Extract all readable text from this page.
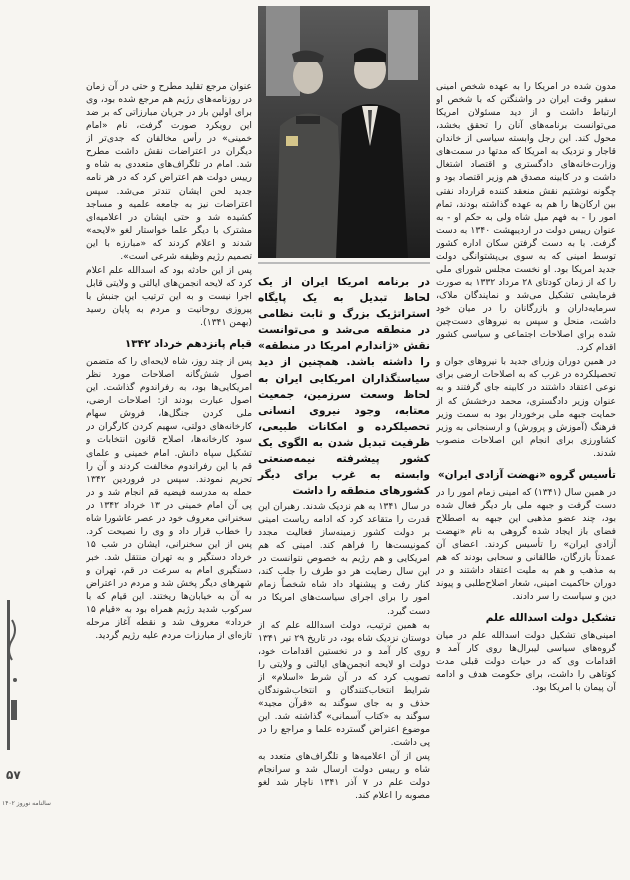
مدون شده در امریکا را به عهده شخص امینی سفیر وقت ایران در واشنگتن که با شخص او ارتباط داشت و از دید مسئولان امریکا می‌توانست برنامه‌های آنان را تحقق بخشد، محول کند. این رجل وابسته سیاسی از خاندان قاجار و نزدیک به امریکا که مدتها در سمت‌های وزارت‌خانه‌های دادگستری و اقتصاد اشتغال داشت و در کابینه مصدق هم وزیر اقتصاد بود و چگونه نوشتیم نقش منعقد کننده قرارداد نفتی بین ارکان‌ها را هم به عهده گذاشته بودند، تمام امور را - به فهم میل شاه ولی به حکم او - به عنوان رییس دولت در اردیبهشت ۱۳۴۰ به دست گرفت. با به دست گرفتن سکان اداره کشور توسط امینی که به سوی بی‌پشتوانگی دولت جدید امریکا بود. او نخست مجلس شورای ملی را که از زمان کودتای ۲۸ مرداد ۱۳۳۲ به صورت فرمایشی تشکیل می‌شد و نمایندگان ملاک، سرمایه‌داران و بازرگانان را در میان خود داشت، منحل و سپس به نیروهای دست‌چین شده برای اصلاحات اجتماعی و سیاسی کشور اقدام کرد.

در همین دوران وزرای جدید با نیروهای جوان و تحصیلکرده در غرب که به اصلاحات ارضی برای نوعی اعتقاد داشتند در کابینه جای گرفتند و به عنوان وزیر دادگستری، محمد درخشش که از حمایت جبهه ملی برخوردار بود به سمت وزیر فرهنگ (آموزش و پرورش) و ارسنجانی به وزیر کشاورزی برای انجام این اصلاحات منصوب شدند.

تأسیس گروه «نهضت آزادی ایران»

در همین سال (۱۳۴۱) که امینی زمام امور را در دست گرفت و جبهه ملی بار دیگر فعال شده بود، چند عضو مذهبی این جبهه به اصطلاح فضای باز ایجاد شده گروهی به نام «نهضت آزادی ایران» را تأسیس کردند. اعضای آن عمدتاً بازرگان، طالقانی و سحابی بودند که هم به مذهب و هم به ملیت اعتقاد داشتند و در دوران حاکمیت امینی، شعار اصلاح‌طلبی و پیوند دین و سیاست را سر دادند.

تشکیل دولت اسدالله علم

امینی‌های تشکیل دولت اسدالله علم در میان گروه‌های سیاسی لیبرال‌ها روی کار آمد و اقدامات وی که در حیات دولت قبلی مدت کوتاهی را داشت، برای حکومت هدف و ادامه آن پیمان با امریکا بود.

در برنامه امریکا ایران از یک لحاظ تبدیل به یک پایگاه استراتژیک بزرگ و ثابت نظامی در منطقه می‌شد و می‌توانست نقش «ژاندارم امریکا در منطقه» را داشته باشد. همچنین از دید سیاستگذاران امریکایی ایران به لحاظ وسعت سرزمین، جمعیت معتابه، وجود نیروی انسانی تحصیلکرده و امکانات طبیعی، ظرفیت تبدیل شدن به الگوی یک کشور پیشرفته نیمه‌صنعتی وابسته به غرب برای دیگر کشورهای منطقه را داشت

در سال ۱۳۴۱ به هم نزدیک شدند. رهبران این قدرت را متقاعد کرد که ادامه ریاست امینی بر دولت کشور زمینه‌ساز فعالیت مجدد کمونیست‌ها را فراهم کند. امینی که هم امریکایی و هم رژیم به خصوص نتوانست در این سال رضایت هر دو طرف را جلب کند، کنار رفت و پیشنهاد داد شاه شخصاً زمام امور را برای اجرای سیاست‌های امریکا در دست گیرد.

به همین ترتیب، دولت اسدالله علم که از دوستان نزدیک شاه بود، در تاریخ ۲۹ تیر ۱۳۴۱ روی کار آمد و در نخستین اقدامات خود، دولت او لایحه انجمن‌های ایالتی و ولایتی را تصویب کرد که در آن شرط «اسلام» از شرایط انتخاب‌کنندگان و انتخاب‌شوندگان حذف و به جای سوگند به «قرآن مجید» سوگند به «کتاب آسمانی» گذاشته شد. این موضوع اعتراض گسترده علما و مراجع را در پی داشت.

پس از آن اعلامیه‌ها و تلگراف‌های متعدد به شاه و رییس دولت ارسال شد و سرانجام دولت علم در ۷ آذر ۱۳۴۱ ناچار شد لغو مصوبه را اعلام کند.

عنوان مرجع تقلید مطرح و حتی در آن زمان در روزنامه‌های رژیم هم مرجع شده بود، وی برای اولین بار در جریان مبارزاتی که بر ضد این رویکرد صورت گرفت، نام «امام خمینی» در رأس مخالفان که جدی‌تر از دیگران در اعتراضات نقش داشت مطرح شد. امام در تلگراف‌های متعددی به شاه و رییس دولت هم اعتراض کرد که در هر نامه جدید لحن ایشان تندتر می‌شد. سپس اعتراضات نیز به جامعه علمیه و مساجد کشیده شد و حتی ایشان در اعلامیه‌ای مشترک با دیگر علما خواستار لغو «لایحه» شدند و اعلام کردند که «مبارزه با این تصمیم رژیم وظیفه شرعی است».

پس از این حادثه بود که اسدالله علم اعلام کرد که لایحه انجمن‌های ایالتی و ولایتی قابل اجرا نیست و به این ترتیب این جنبش با پیروزی روحانیت و مردم به پایان رسید (بهمن ۱۳۴۱).

قیام پانزدهم خرداد ۱۳۴۲

پس از چند روز، شاه لایحه‌ای را که متضمن اصول شش‌گانه اصلاحات مورد نظر امریکایی‌ها بود، به رفراندوم گذاشت. این اصول عبارت بودند از: اصلاحات ارضی، ملی کردن جنگل‌ها، فروش سهام کارخانه‌های دولتی، سهیم کردن کارگران در سود کارخانه‌ها، اصلاح قانون انتخابات و تشکیل سپاه دانش. امام خمینی و علمای قم با این رفراندوم مخالفت کردند و آن را تحریم نمودند. سپس در فروردین ۱۳۴۲ حمله به مدرسه فیضیه قم انجام شد و در پی آن امام خمینی در ۱۳ خرداد ۱۳۴۲ در سخنرانی معروف خود در عصر عاشورا شاه را خطاب قرار داد و وی را نصیحت کرد. پس از این سخنرانی، ایشان در شب ۱۵ خرداد دستگیر و به تهران منتقل شد. خبر دستگیری امام به سرعت در قم، تهران و شهرهای دیگر پخش شد و مردم در اعتراض به آن به خیابان‌ها ریختند. این قیام که با سرکوب شدید رژیم همراه بود به «قیام ۱۵ خرداد» معروف شد و نقطه آغاز مرحله تازه‌ای از مبارزات مردم علیه رژیم گردید.

۵۷
سالنامه نوروز ۱۴۰۲
